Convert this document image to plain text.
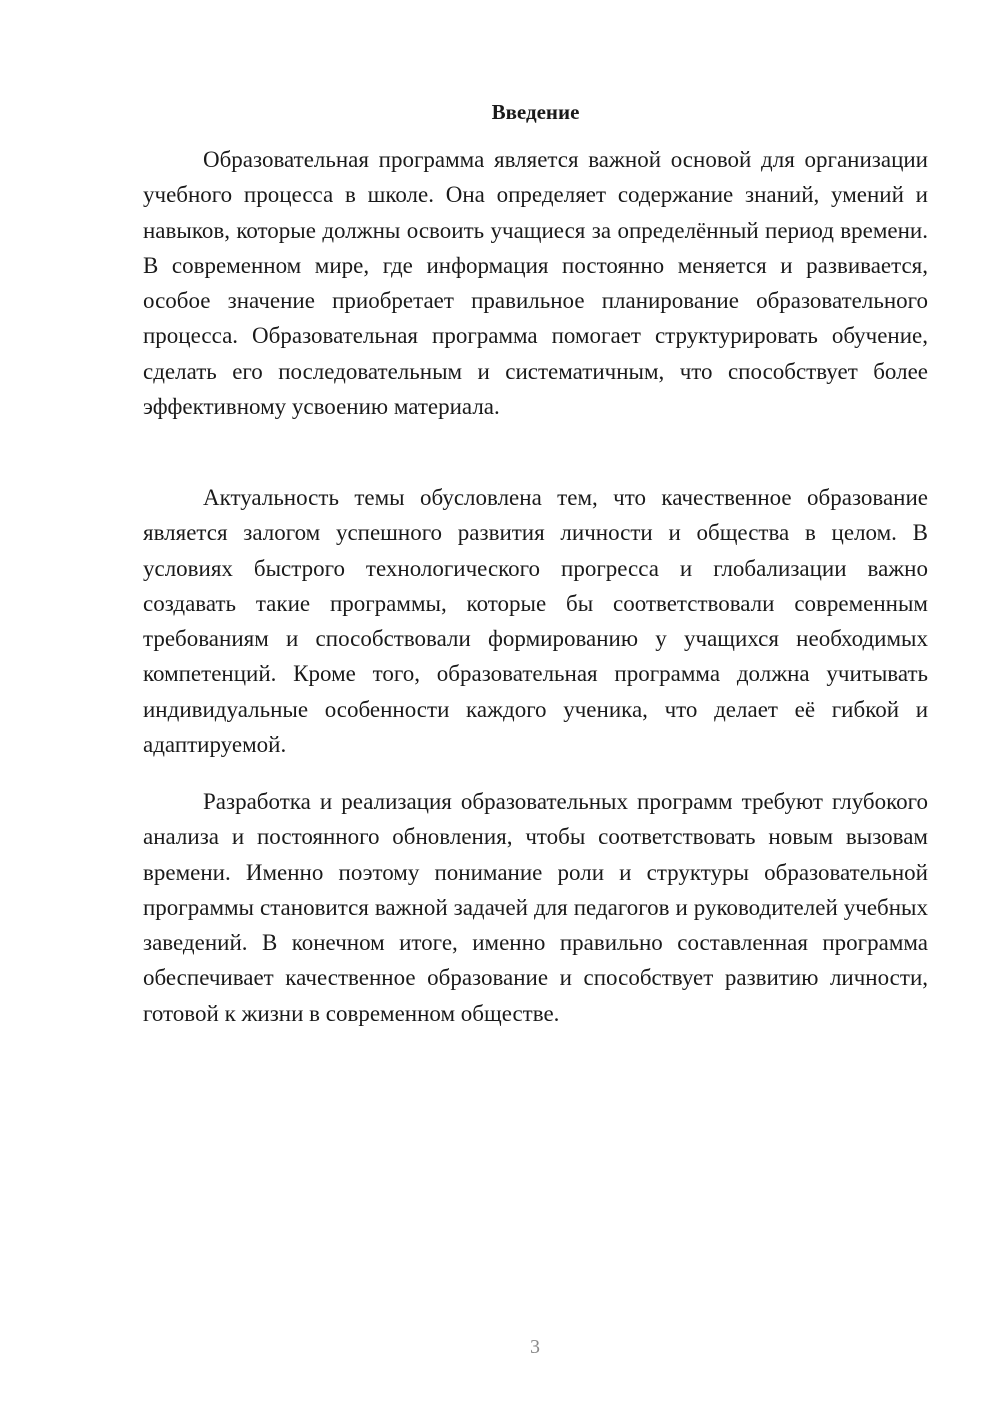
Введение

Образовательная программа является важной основой для организации учебного процесса в школе. Она определяет содержание знаний, умений и навыков, которые должны освоить учащиеся за определённый период времени. В современном мире, где информация постоянно меняется и развивается, особое значение приобретает правильное планирование образовательного процесса. Образовательная программа помогает структурировать обучение, сделать его последовательным и систематичным, что способствует более эффективному усвоению материала.

Актуальность темы обусловлена тем, что качественное образование является залогом успешного развития личности и общества в целом. В условиях быстрого технологического прогресса и глобализации важно создавать такие программы, которые бы соответствовали современным требованиям и способствовали формированию у учащихся необходимых компетенций. Кроме того, образовательная программа должна учитывать индивидуальные особенности каждого ученика, что делает её гибкой и адаптируемой.

Разработка и реализация образовательных программ требуют глубокого анализа и постоянного обновления, чтобы соответствовать новым вызовам времени. Именно поэтому понимание роли и структуры образовательной программы становится важной задачей для педагогов и руководителей учебных заведений. В конечном итоге, именно правильно составленная программа обеспечивает качественное образование и способствует развитию личности, готовой к жизни в современном обществе.

3
